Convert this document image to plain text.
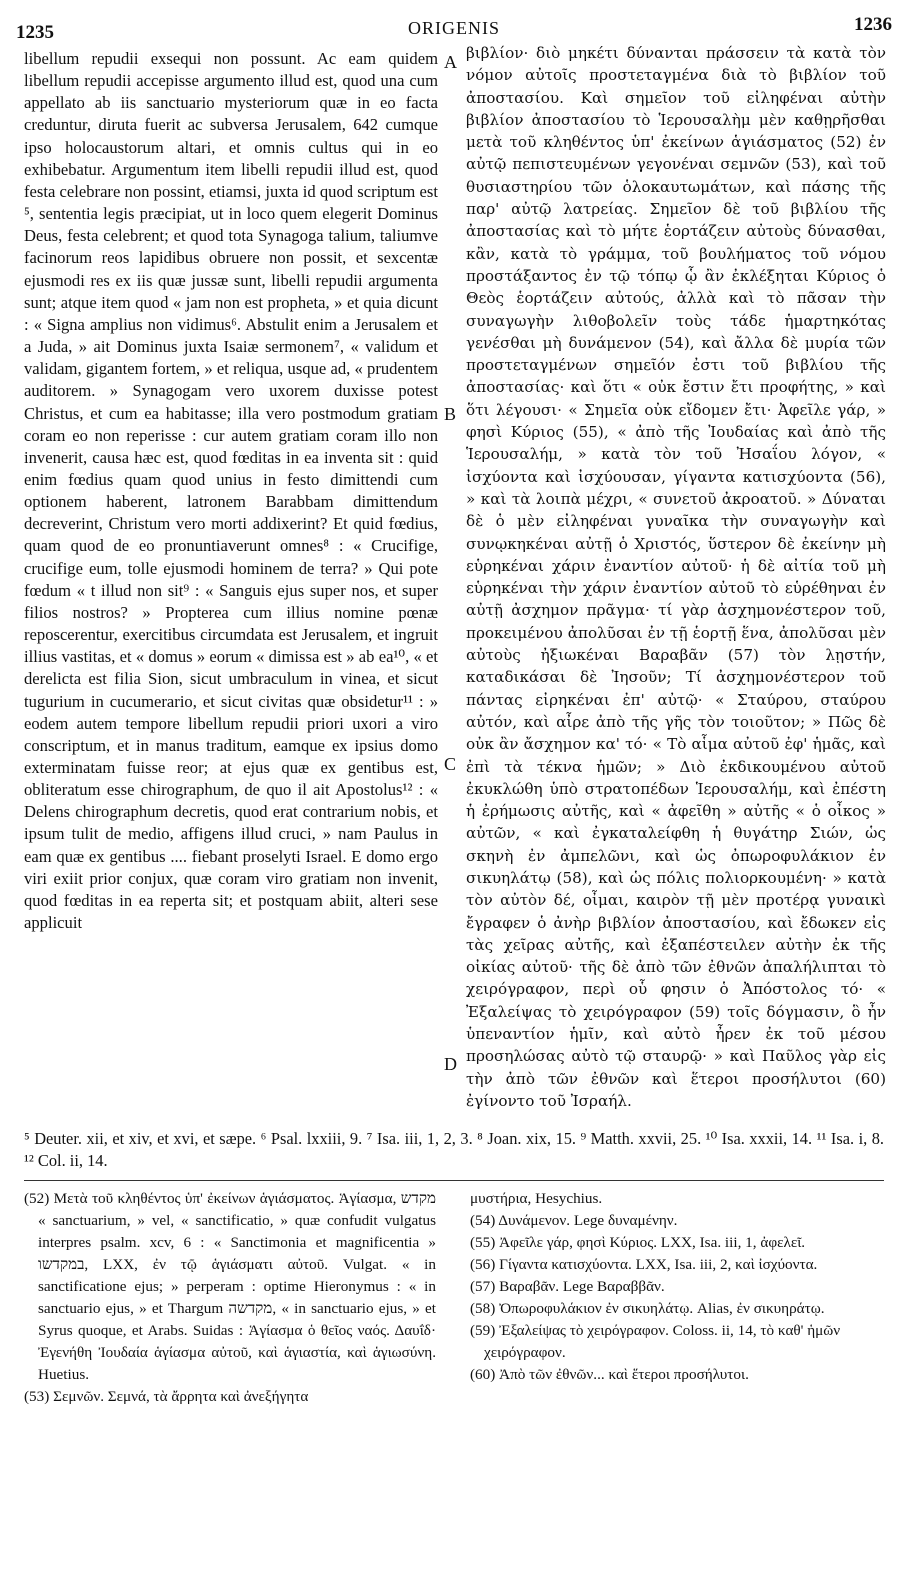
1235	ORIGENIS	1236

libellum repudii exsequi non possunt. Ac eam quidem libellum repudii accepisse argumento illud est, quod una cum appellato ab iis sanctuario mysteriorum quæ in eo facta creduntur, diruta fuerit ac subversa Jerusalem, 642 cumque ipso holocaustorum altari, et omnis cultus qui in eo exhibebatur. Argumentum item libelli repudii illud est, quod festa celebrare non possint, etiamsi, juxta id quod scriptum est ⁵, sententia legis præcipiat, ut in loco quem elegerit Dominus Deus, festa celebrent; et quod tota Synagoga talium, taliumve facinorum reos lapidibus obruere non possit, et sexcentæ ejusmodi res ex iis quæ jussæ sunt, libelli repudii argumenta sunt; atque item quod « jam non est propheta, » et quia dicunt : « Signa amplius non vidimus⁶. Abstulit enim a Jerusalem et a Juda, » ait Dominus juxta Isaiæ sermonem⁷, « validum et validam, gigantem fortem, » et reliqua, usque ad, « prudentem auditorem. » Synagogam vero uxorem duxisse potest Christus, et cum ea habitasse; illa vero postmodum gratiam coram eo non reperisse : cur autem gratiam coram illo non invenerit, causa hæc est, quod fœditas in ea inventa sit : quid enim fœdius quam quod unius in festo dimittendi cum optionem haberent, latronem Barabbam dimittendum decreverint, Christum vero morti addixerint? Et quid fœdius, quam quod de eo pronuntiaverunt omnes⁸ : « Crucifige, crucifige eum, tolle ejusmodi hominem de terra? » Qui pote fœdum « t illud non sit⁹ : « Sanguis ejus super nos, et super filios nostros? » Propterea cum illius nomine pœnæ reposcerentur, exercitibus circumdata est Jerusalem, et ingruit illius vastitas, et « domus » eorum « dimissa est » ab ea¹⁰, « et derelicta est filia Sion, sicut umbraculum in vinea, et sicut tugurium in cucumerario, et sicut civitas quæ obsidetur¹¹ : » eodem autem tempore libellum repudii priori uxori a viro conscriptum, et in manus traditum, eamque ex ipsius domo exterminatam fuisse reor; at ejus quæ ex gentibus est, obliteratum esse chirographum, de quo il ait Apostolus¹² : « Delens chirographum decretis, quod erat contrarium nobis, et ipsum tulit de medio, affigens illud cruci, » nam Paulus in eam quæ ex gentibus .... fiebant proselyti Israel. E domo ergo viri exiit prior conjux, quæ coram viro gratiam non invenit, quod fœditas in ea reperta sit; et postquam abiit, alteri sese applicuit

A
B
C
D

βιβλίον· διὸ μηκέτι δύνανται πράσσειν τὰ κατὰ τὸν νόμον αὐτοῖς προστεταγμένα διὰ τὸ βιβλίον τοῦ ἀποστασίου. Καὶ σημεῖον τοῦ εἰληφέναι αὐτὴν βιβλίον ἀποστασίου τὸ Ἱερουσαλὴμ μὲν καθῃρῆσθαι μετὰ τοῦ κληθέντος ὑπ' ἐκείνων ἁγιάσματος (52) ἐν αὐτῷ πεπιστευμένων γεγονέναι σεμνῶν (53), καὶ τοῦ θυσιαστηρίου τῶν ὁλοκαυτωμάτων, καὶ πάσης τῆς παρ' αὐτῷ λατρείας. Σημεῖον δὲ τοῦ βιβλίου τῆς ἀποστασίας καὶ τὸ μήτε ἑορτάζειν αὐτοὺς δύνασθαι, κἂν, κατὰ τὸ γράμμα, τοῦ βουλήματος τοῦ νόμου προστάξαντος ἐν τῷ τόπῳ ᾧ ἂν ἐκλέξηται Κύριος ὁ Θεὸς ἑορτάζειν αὐτούς, ἀλλὰ καὶ τὸ πᾶσαν τὴν συναγωγὴν λιθοβολεῖν τοὺς τάδε ἡμαρτηκότας γενέσθαι μὴ δυνάμενον (54), καὶ ἄλλα δὲ μυρία τῶν προστεταγμένων σημεῖόν ἐστι τοῦ βιβλίου τῆς ἀποστασίας· καὶ ὅτι « οὐκ ἔστιν ἔτι προφήτης, » καὶ ὅτι λέγουσι· « Σημεῖα οὐκ εἴδομεν ἔτι· Ἀφεῖλε γάρ, » φησὶ Κύριος (55), « ἀπὸ τῆς Ἰουδαίας καὶ ἀπὸ τῆς Ἱερουσαλήμ, » κατὰ τὸν τοῦ Ἠσαΐου λόγον, « ἰσχύοντα καὶ ἰσχύουσαν, γίγαντα κατισχύοντα (56), » καὶ τὰ λοιπὰ μέχρι, « συνετοῦ ἀκροατοῦ. » Δύναται δὲ ὁ μὲν εἰληφέναι γυναῖκα τὴν συναγωγὴν καὶ συνῳκηκέναι αὐτῇ ὁ Χριστός, ὕστερον δὲ ἐκείνην μὴ εὑρηκέναι χάριν ἐναντίον αὐτοῦ· ἡ δὲ αἰτία τοῦ μὴ εὑρηκέναι τὴν χάριν ἐναντίον αὐτοῦ τὸ εὑρέθηναι ἐν αὐτῇ ἀσχημον πρᾶγμα· τί γὰρ ἀσχημονέστερον τοῦ, προκειμένου ἀπολῦσαι ἐν τῇ ἑορτῇ ἕνα, ἀπολῦσαι μὲν αὐτοὺς ἠξιωκέναι Βαραβᾶν (57) τὸν λῃστήν, καταδικάσαι δὲ Ἰησοῦν; Τί ἀσχημονέστερον τοῦ πάντας εἰρηκέναι ἐπ' αὐτῷ· « Σταύρου, σταύρου αὐτόν, καὶ αἶρε ἀπὸ τῆς γῆς τὸν τοιοῦτον; » Πῶς δὲ οὐκ ἂν ἄσχημον κα' τό· « Τὸ αἷμα αὐτοῦ ἐφ' ἡμᾶς, καὶ ἐπὶ τὰ τέκνα ἡμῶν; » Διὸ ἐκδικουμένου αὐτοῦ ἐκυκλώθη ὑπὸ στρατοπέδων Ἱερουσαλήμ, καὶ ἐπέστη ἡ ἐρήμωσις αὐτῆς, καὶ « ἀφεῖθη » αὐτῆς « ὁ οἶκος » αὐτῶν, « καὶ ἐγκαταλείφθη ἡ θυγάτηρ Σιών, ὡς σκηνὴ ἐν ἀμπελῶνι, καὶ ὡς ὀπωροφυλάκιον ἐν σικυηλάτῳ (58), καὶ ὡς πόλις πολιορκουμένη· » κατὰ τὸν αὐτὸν δέ, οἶμαι, καιρὸν τῇ μὲν προτέρᾳ γυναικὶ ἔγραφεν ὁ ἀνὴρ βιβλίον ἀποστασίου, καὶ ἔδωκεν εἰς τὰς χεῖρας αὐτῆς, καὶ ἐξαπέστειλεν αὐτὴν ἐκ τῆς οἰκίας αὐτοῦ· τῆς δὲ ἀπὸ τῶν ἐθνῶν ἀπαλήλιπται τὸ χειρόγραφον, περὶ οὗ φησιν ὁ Ἀπόστολος τό· « Ἐξαλείψας τὸ χειρόγραφον (59) τοῖς δόγμασιν, ὃ ἦν ὑπεναντίον ἡμῖν, καὶ αὐτὸ ἦρεν ἐκ τοῦ μέσου προσηλώσας αὐτὸ τῷ σταυρῷ· » καὶ Παῦλος γὰρ εἰς τὴν ἀπὸ τῶν ἐθνῶν καὶ ἕτεροι προσήλυτοι (60) ἐγίνοντο τοῦ Ἰσραήλ.

⁵ Deuter. xii, et xiv, et xvi, et sæpe. ⁶ Psal. lxxiii, 9. ⁷ Isa. iii, 1, 2, 3. ⁸ Joan. xix, 15. ⁹ Matth. xxvii, 25. ¹⁰ Isa. xxxii, 14. ¹¹ Isa. i, 8. ¹² Col. ii, 14.

(52) Μετὰ τοῦ κληθέντος ὑπ' ἐκείνων ἁγιάσματος. Ἁγίασμα, מקדש « sanctuarium, » vel, « sanctificatio, » quæ confudit vulgatus interpres psalm. xcv, 6 : « Sanctimonia et magnificentia » במקדשו, LXX, ἐν τῷ ἁγιάσματι αὐτοῦ. Vulgat. « in sanctificatione ejus; » perperam : optime Hieronymus : « in sanctuario ejus, » et Thargum מקדשה, « in sanctuario ejus, » et Syrus quoque, et Arabs. Suidas : Ἁγίασμα ὁ θεῖος ναός. Δαυΐδ· Ἐγενήθη Ἰουδαία ἁγίασμα αὐτοῦ, καὶ ἁγιαστία, καὶ ἁγιωσύνη. Huetius.

(53) Σεμνῶν. Σεμνά, τὰ ἄρρητα καὶ ἀνεξήγητα

μυστήρια, Hesychius.

(54) Δυνάμενον. Lege δυναμένην.

(55) Ἀφεῖλε γάρ, φησὶ Κύριος. LXX, Isa. iii, 1, ἀφελεῖ.

(56) Γίγαντα κατισχύοντα. LXX, Isa. iii, 2, καὶ ἰσχύοντα.

(57) Βαραβᾶν. Lege Βαραββᾶν.

(58) Ὀπωροφυλάκιον ἐν σικυηλάτῳ. Alias, ἐν σικυηράτῳ.

(59) Ἐξαλείψας τὸ χειρόγραφον. Coloss. ii, 14, τὸ καθ' ἡμῶν χειρόγραφον.

(60) Ἀπὸ τῶν ἐθνῶν... καὶ ἕτεροι προσήλυτοι.
